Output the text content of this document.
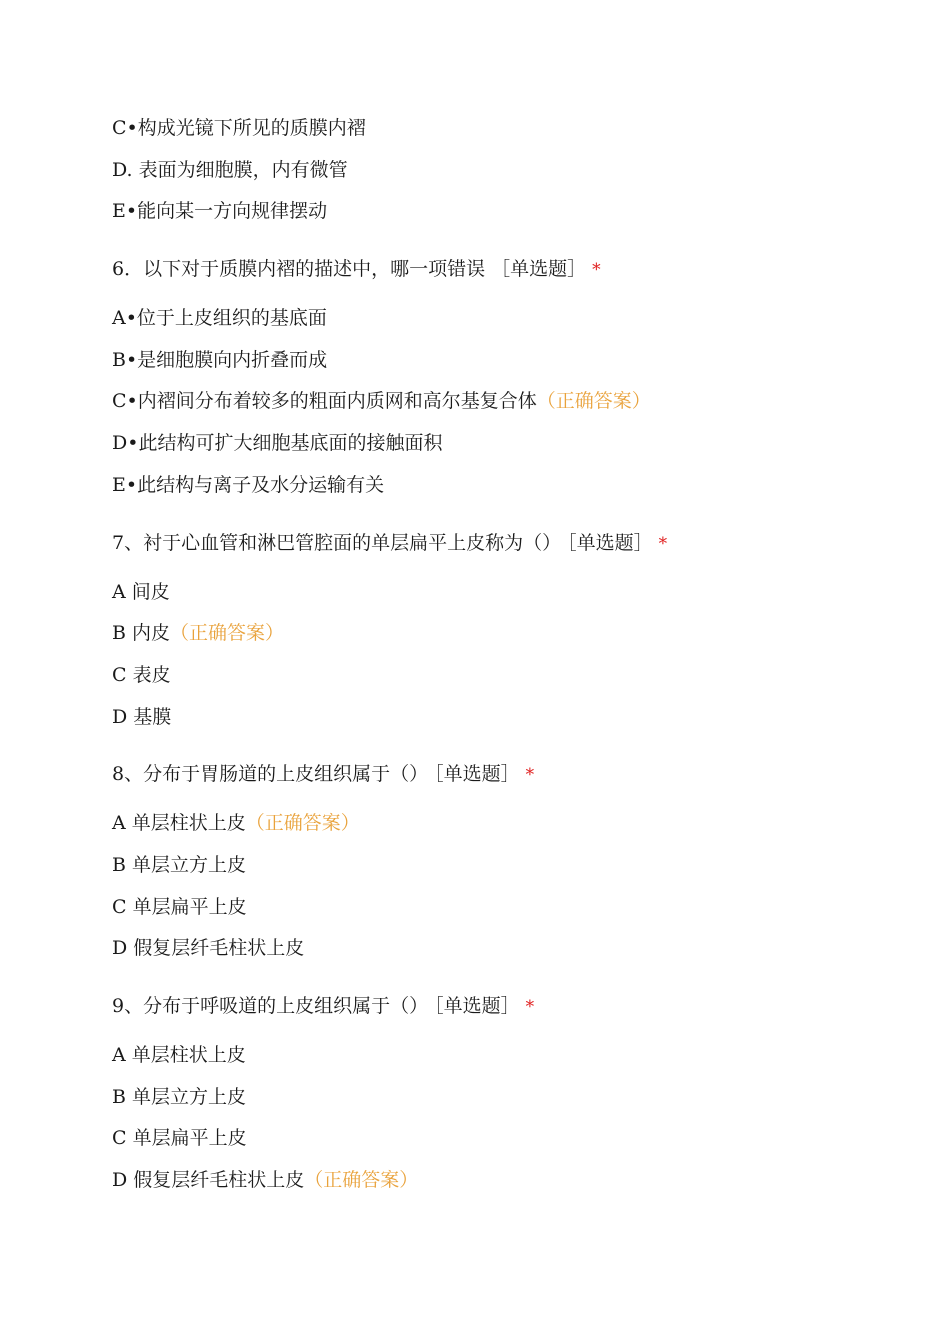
C•构成光镜下所见的质膜内褶
D. 表面为细胞膜，内有微管
E•能向某一方向规律摆动
6．以下对于质膜内褶的描述中，哪一项错误 ［单选题］ *
A•位于上皮组织的基底面
B•是细胞膜向内折叠而成
C•内褶间分布着较多的粗面内质网和高尔基复合体（正确答案）
D•此结构可扩大细胞基底面的接触面积
E•此结构与离子及水分运输有关
7、衬于心血管和淋巴管腔面的单层扁平上皮称为（） ［单选题］ *
A 间皮
B 内皮（正确答案）
C 表皮
D 基膜
8、分布于胃肠道的上皮组织属于（） ［单选题］ *
A 单层柱状上皮（正确答案）
B 单层立方上皮
C 单层扁平上皮
D 假复层纤毛柱状上皮
9、分布于呼吸道的上皮组织属于（） ［单选题］ *
A 单层柱状上皮
B 单层立方上皮
C 单层扁平上皮
D 假复层纤毛柱状上皮（正确答案）
